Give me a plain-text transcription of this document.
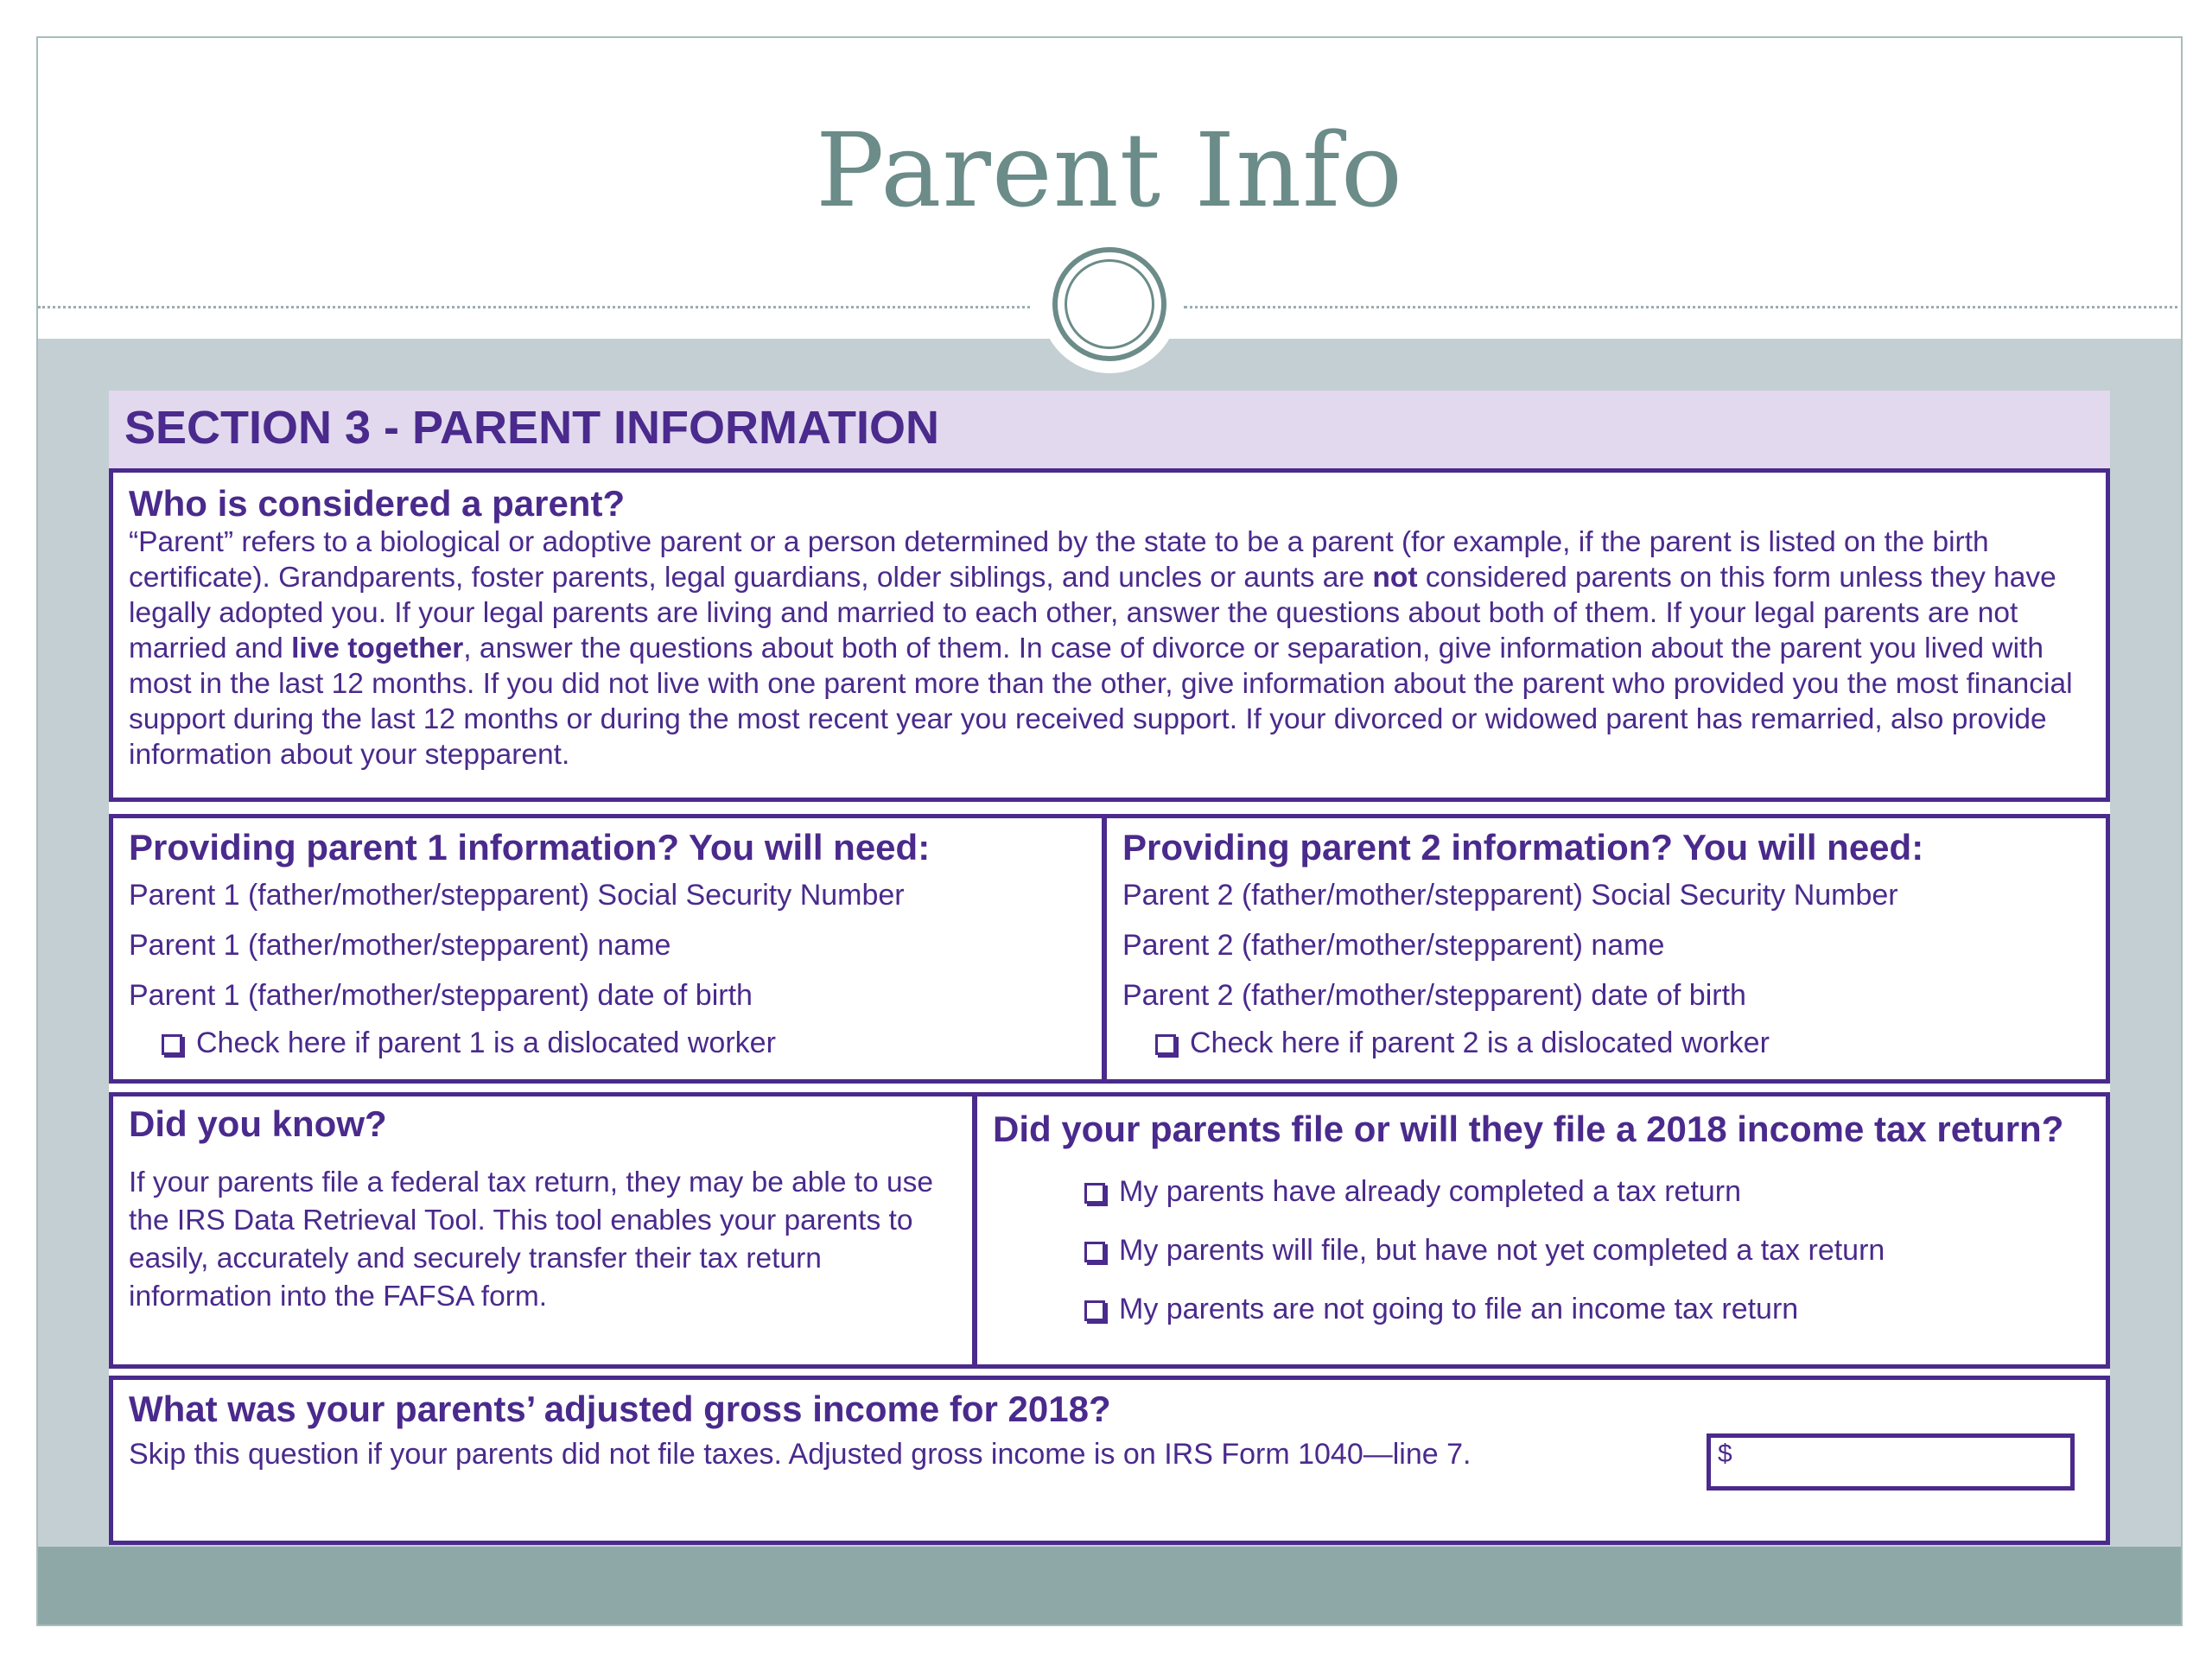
Parent Info
SECTION 3 - PARENT INFORMATION
Who is considered a parent?
“Parent” refers to a biological or adoptive parent or a person determined by the state to be a parent (for example, if the parent is listed on the birth certificate). Grandparents, foster parents, legal guardians, older siblings, and uncles or aunts are not considered parents on this form unless they have legally adopted you. If your legal parents are living and married to each other, answer the questions about both of them. If your legal parents are not married and live together, answer the questions about both of them. In case of divorce or separation, give information about the parent you lived with most in the last 12 months. If you did not live with one parent more than the other, give information about the parent who provided you the most financial support during the last 12 months or during the most recent year you received support. If your divorced or widowed parent has remarried, also provide information about your stepparent.
Providing parent 1 information? You will need:
Parent 1 (father/mother/stepparent) Social Security Number
Parent 1 (father/mother/stepparent) name
Parent 1 (father/mother/stepparent) date of birth
Check here if parent 1 is a dislocated worker
Providing parent 2 information? You will need:
Parent 2 (father/mother/stepparent) Social Security Number
Parent 2 (father/mother/stepparent) name
Parent 2 (father/mother/stepparent) date of birth
Check here if parent 2 is a dislocated worker
Did you know?
If your parents file a federal tax return, they may be able to use the IRS Data Retrieval Tool. This tool enables your parents to easily, accurately and securely transfer their tax return information into the FAFSA form.
Did your parents file or will they file a 2018 income tax return?
My parents have already completed a tax return
My parents will file, but have not yet completed a tax return
My parents are not going to file an income tax return
What was your parents’ adjusted gross income for 2018?
Skip this question if your parents did not file taxes. Adjusted gross income is on IRS Form 1040—line 7.	$
